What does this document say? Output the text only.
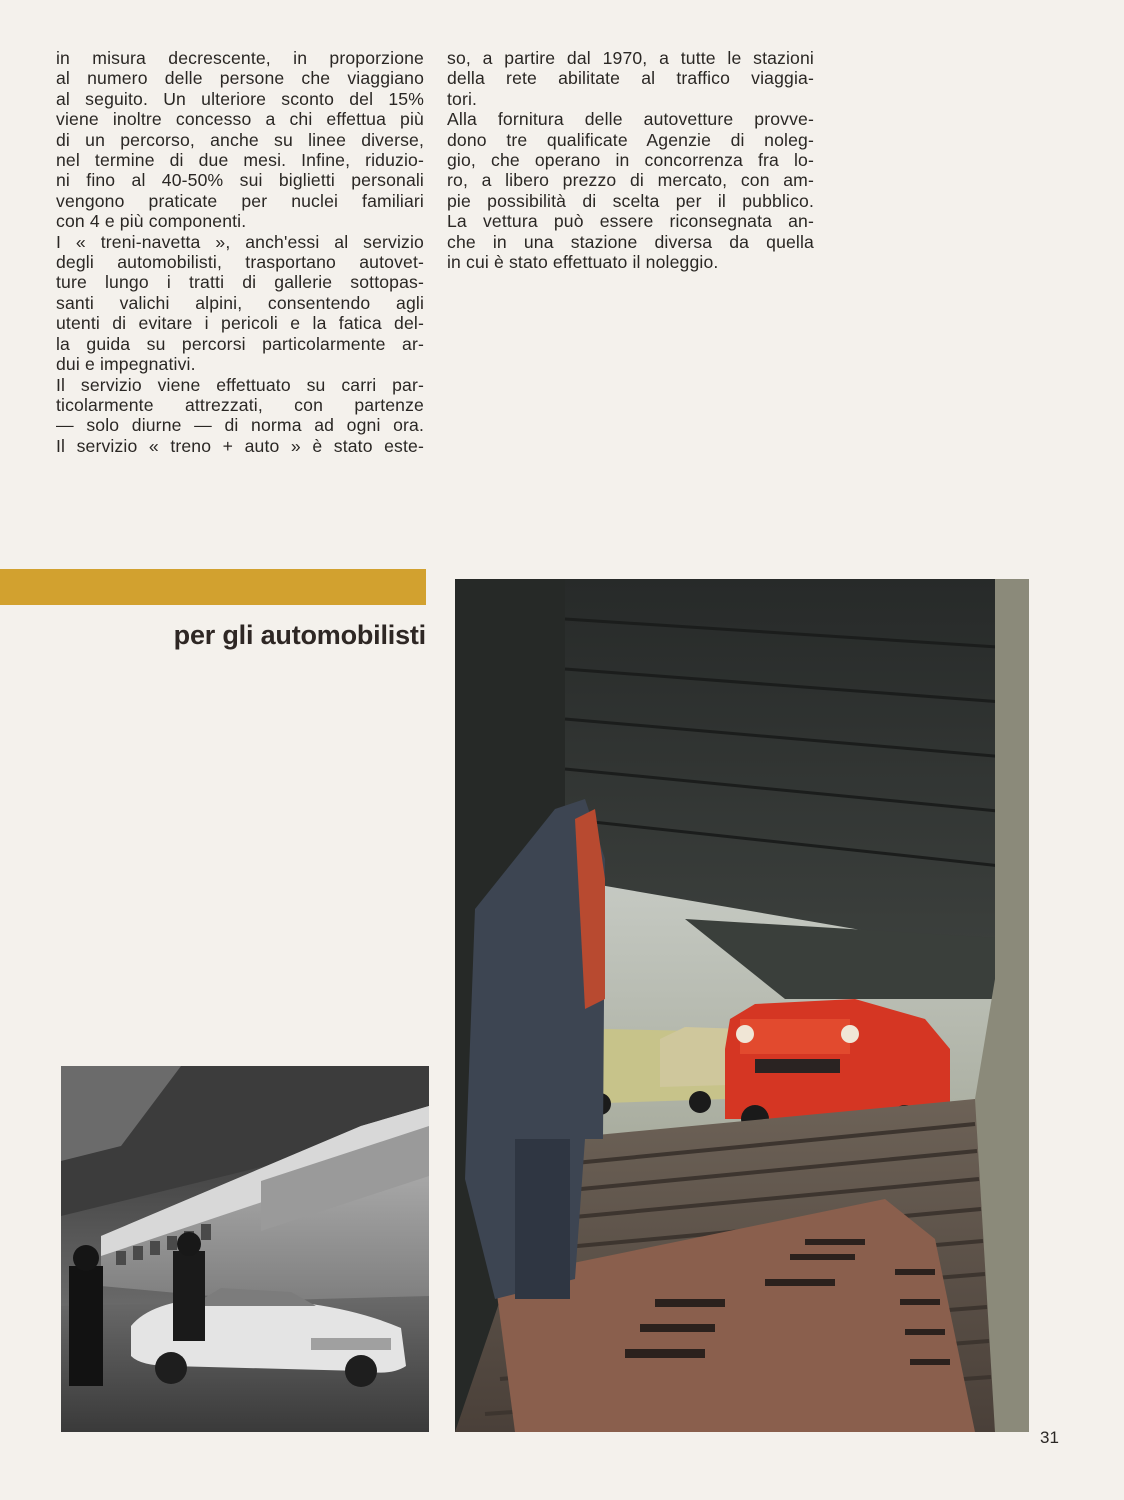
in misura decrescente, in proporzione
al numero delle persone che viaggiano
al seguito. Un ulteriore sconto del 15%
viene inoltre concesso a chi effettua più
di un percorso, anche su linee diverse,
nel termine di due mesi. Infine, riduzio-
ni fino al 40-50% sui biglietti personali
vengono praticate per nuclei familiari
con 4 e più componenti.
I « treni-navetta », anch'essi al servizio
degli automobilisti, trasportano autovet-
ture lungo i tratti di gallerie sottopas-
santi valichi alpini, consentendo agli
utenti di evitare i pericoli e la fatica del-
la guida su percorsi particolarmente ar-
dui e impegnativi.
Il servizio viene effettuato su carri par-
ticolarmente attrezzati, con partenze
— solo diurne — di norma ad ogni ora.
Il servizio « treno + auto » è stato este-
so, a partire dal 1970, a tutte le stazioni
della rete abilitate al traffico viaggia-
tori.
Alla fornitura delle autovetture provve-
dono tre qualificate Agenzie di noleg-
gio, che operano in concorrenza fra lo-
ro, a libero prezzo di mercato, con am-
pie possibilità di scelta per il pubblico.
La vettura può essere riconsegnata an-
che in una stazione diversa da quella
in cui è stato effettuato il noleggio.
per gli automobilisti
31
